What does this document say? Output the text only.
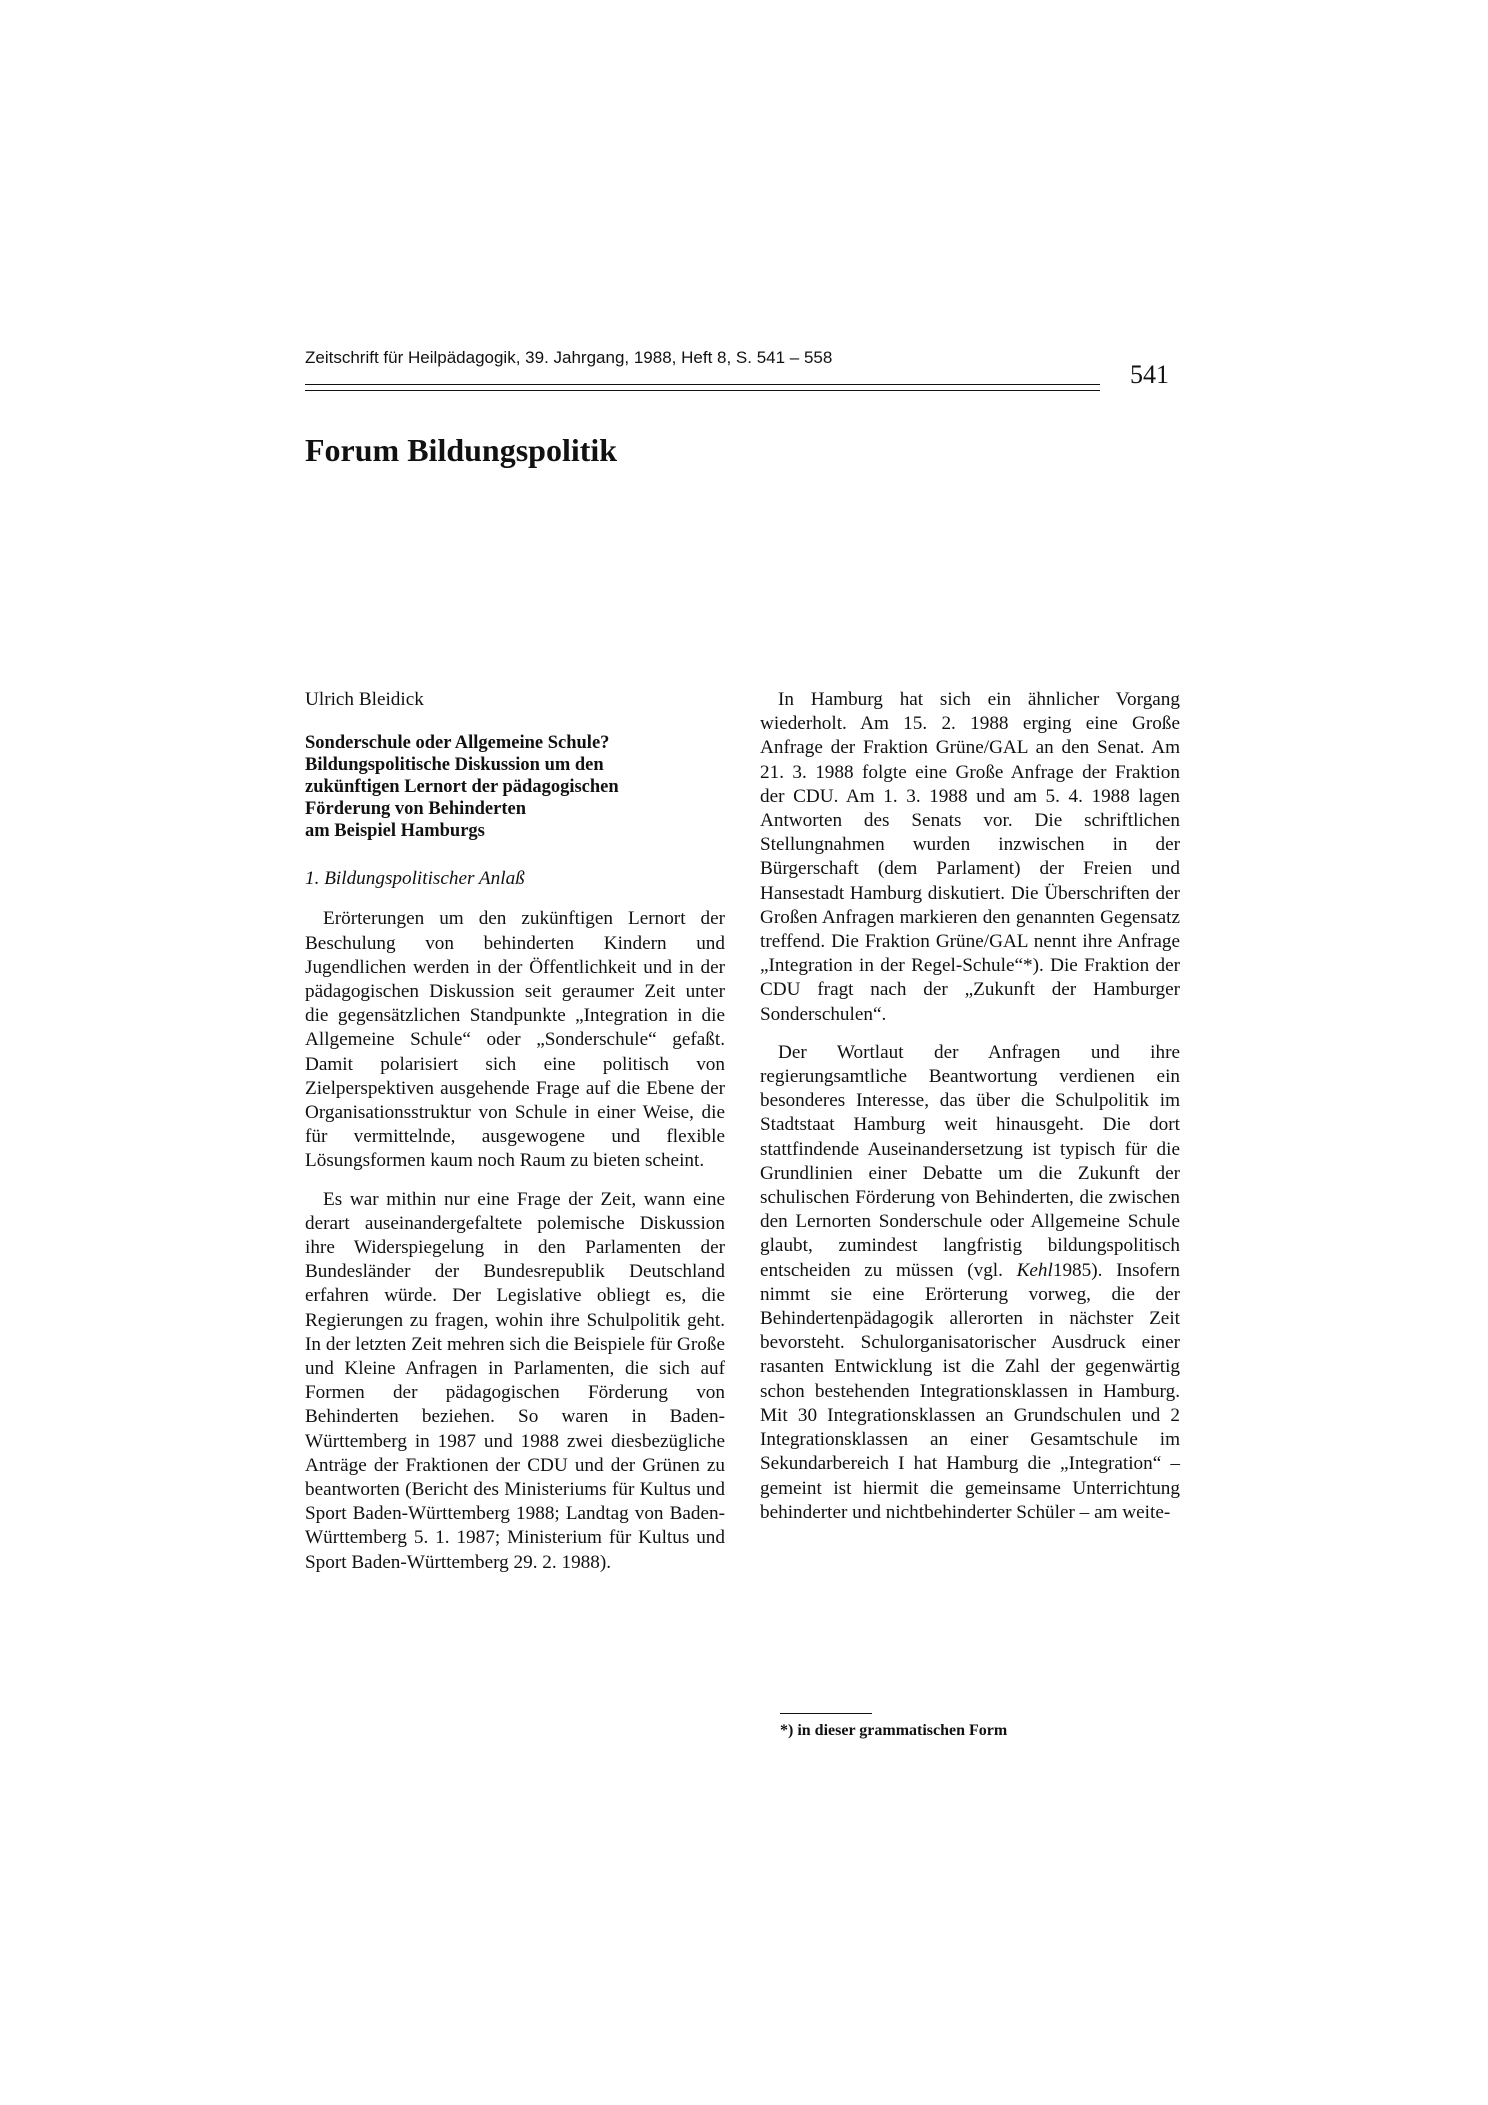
Zeitschrift für Heilpädagogik, 39. Jahrgang, 1988, Heft 8, S. 541 – 558
541
Forum Bildungspolitik

Ulrich Bleidick

Sonderschule oder Allgemeine Schule?
Bildungspolitische Diskussion um den
zukünftigen Lernort der pädagogischen
Förderung von Behinderten
am Beispiel Hamburgs

1. Bildungspolitischer Anlaß

Erörterungen um den zukünftigen Lernort der Beschulung von behinderten Kindern und Jugendlichen werden in der Öffentlichkeit und in der pädagogischen Diskussion seit geraumer Zeit unter die gegensätzlichen Standpunkte „Integration in die Allgemeine Schule“ oder „Sonderschule“ gefaßt. Damit polarisiert sich eine politisch von Zielperspektiven ausgehende Frage auf die Ebene der Organisationsstruktur von Schule in einer Weise, die für vermittelnde, ausgewogene und flexible Lösungsformen kaum noch Raum zu bieten scheint.

Es war mithin nur eine Frage der Zeit, wann eine derart auseinandergefaltete polemische Diskussion ihre Widerspiegelung in den Parlamenten der Bundesländer der Bundesrepublik Deutschland erfahren würde. Der Legislative obliegt es, die Regierungen zu fragen, wohin ihre Schulpolitik geht. In der letzten Zeit mehren sich die Beispiele für Große und Kleine Anfragen in Parlamenten, die sich auf Formen der pädagogischen Förderung von Behinderten beziehen. So waren in Baden-Württemberg in 1987 und 1988 zwei diesbezügliche Anträge der Fraktionen der CDU und der Grünen zu beantworten (Bericht des Ministeriums für Kultus und Sport Baden-Württemberg 1988; Landtag von Baden-Württemberg 5. 1. 1987; Ministerium für Kultus und Sport Baden-Württemberg 29. 2. 1988).

In Hamburg hat sich ein ähnlicher Vorgang wiederholt. Am 15. 2. 1988 erging eine Große Anfrage der Fraktion Grüne/GAL an den Senat. Am 21. 3. 1988 folgte eine Große Anfrage der Fraktion der CDU. Am 1. 3. 1988 und am 5. 4. 1988 lagen Antworten des Senats vor. Die schriftlichen Stellungnahmen wurden inzwischen in der Bürgerschaft (dem Parlament) der Freien und Hansestadt Hamburg diskutiert. Die Überschriften der Großen Anfragen markieren den genannten Gegensatz treffend. Die Fraktion Grüne/GAL nennt ihre Anfrage „Integration in der Regel-Schule“*). Die Fraktion der CDU fragt nach der „Zukunft der Hamburger Sonderschulen“.

Der Wortlaut der Anfragen und ihre regierungsamtliche Beantwortung verdienen ein besonderes Interesse, das über die Schulpolitik im Stadtstaat Hamburg weit hinausgeht. Die dort stattfindende Auseinandersetzung ist typisch für die Grundlinien einer Debatte um die Zukunft der schulischen Förderung von Behinderten, die zwischen den Lernorten Sonderschule oder Allgemeine Schule glaubt, zumindest langfristig bildungspolitisch entscheiden zu müssen (vgl. Kehl1985). Insofern nimmt sie eine Erörterung vorweg, die der Behindertenpädagogik allerorten in nächster Zeit bevorsteht. Schulorganisatorischer Ausdruck einer rasanten Entwicklung ist die Zahl der gegenwärtig schon bestehenden Integrationsklassen in Hamburg. Mit 30 Integrationsklassen an Grundschulen und 2 Integrationsklassen an einer Gesamtschule im Sekundarbereich I hat Hamburg die „Integration“ – gemeint ist hiermit die gemeinsame Unterrichtung behinderter und nichtbehinderter Schüler – am weite-

*) in dieser grammatischen Form
